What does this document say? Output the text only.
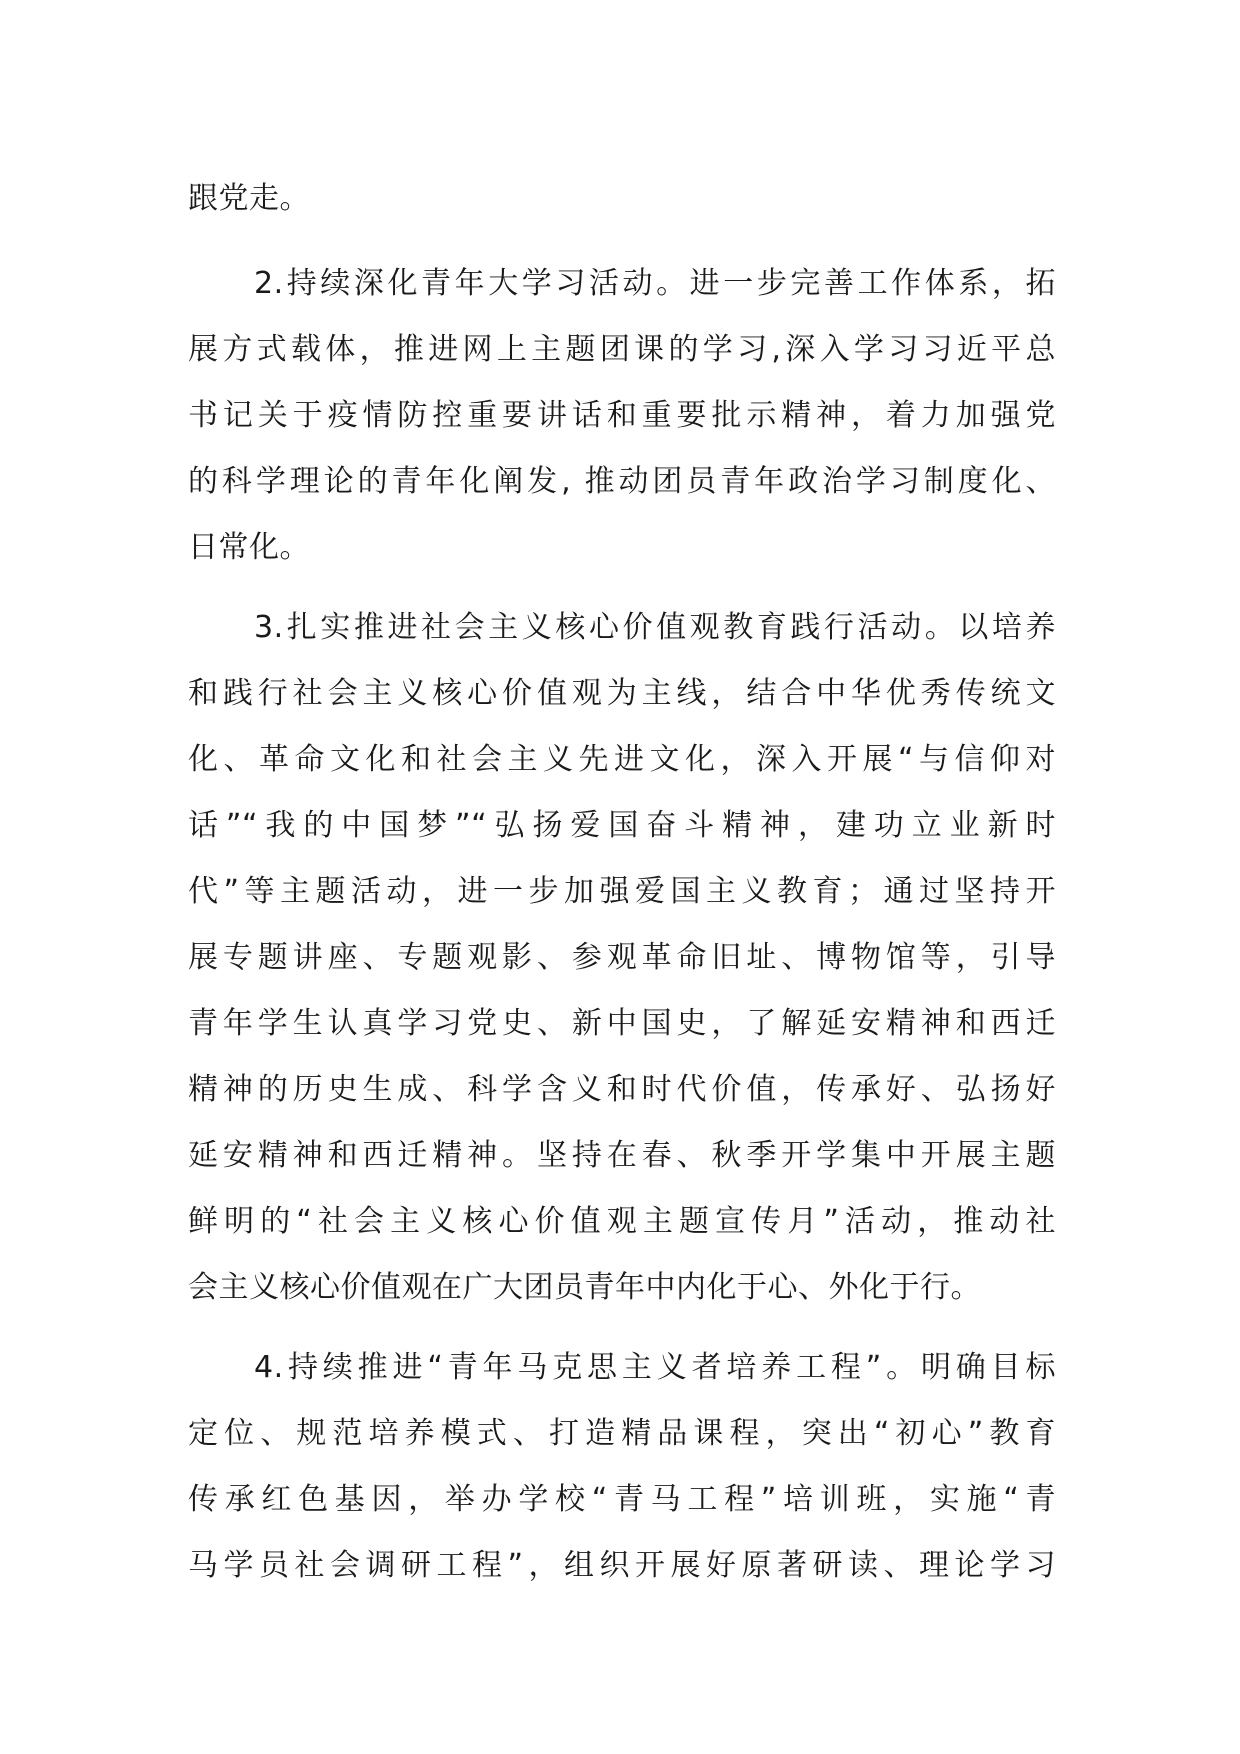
跟党走。
2.持续深化青年大学习活动。进一步完善工作体系，拓
展方式载体，推进网上主题团课的学习,深入学习习近平总
书记关于疫情防控重要讲话和重要批示精神，着力加强党
的科学理论的青年化阐发, 推动团员青年政治学习制度化、
日常化。
3.扎实推进社会主义核心价值观教育践行活动。以培养
和践行社会主义核心价值观为主线，结合中华优秀传统文
化、革命文化和社会主义先进文化，深入开展“与信仰对
话”“我的中国梦”“弘扬爱国奋斗精神，建功立业新时
代”等主题活动，进一步加强爱国主义教育；通过坚持开
展专题讲座、专题观影、参观革命旧址、博物馆等，引导
青年学生认真学习党史、新中国史，了解延安精神和西迁
精神的历史生成、科学含义和时代价值，传承好、弘扬好
延安精神和西迁精神。坚持在春、秋季开学集中开展主题
鲜明的“社会主义核心价值观主题宣传月”活动，推动社
会主义核心价值观在广大团员青年中内化于心、外化于行。
4.持续推进“青年马克思主义者培养工程”。明确目标
定位、规范培养模式、打造精品课程，突出“初心”教育
传承红色基因，举办学校“青马工程”培训班，实施“青
马学员社会调研工程”，组织开展好原著研读、理论学习
